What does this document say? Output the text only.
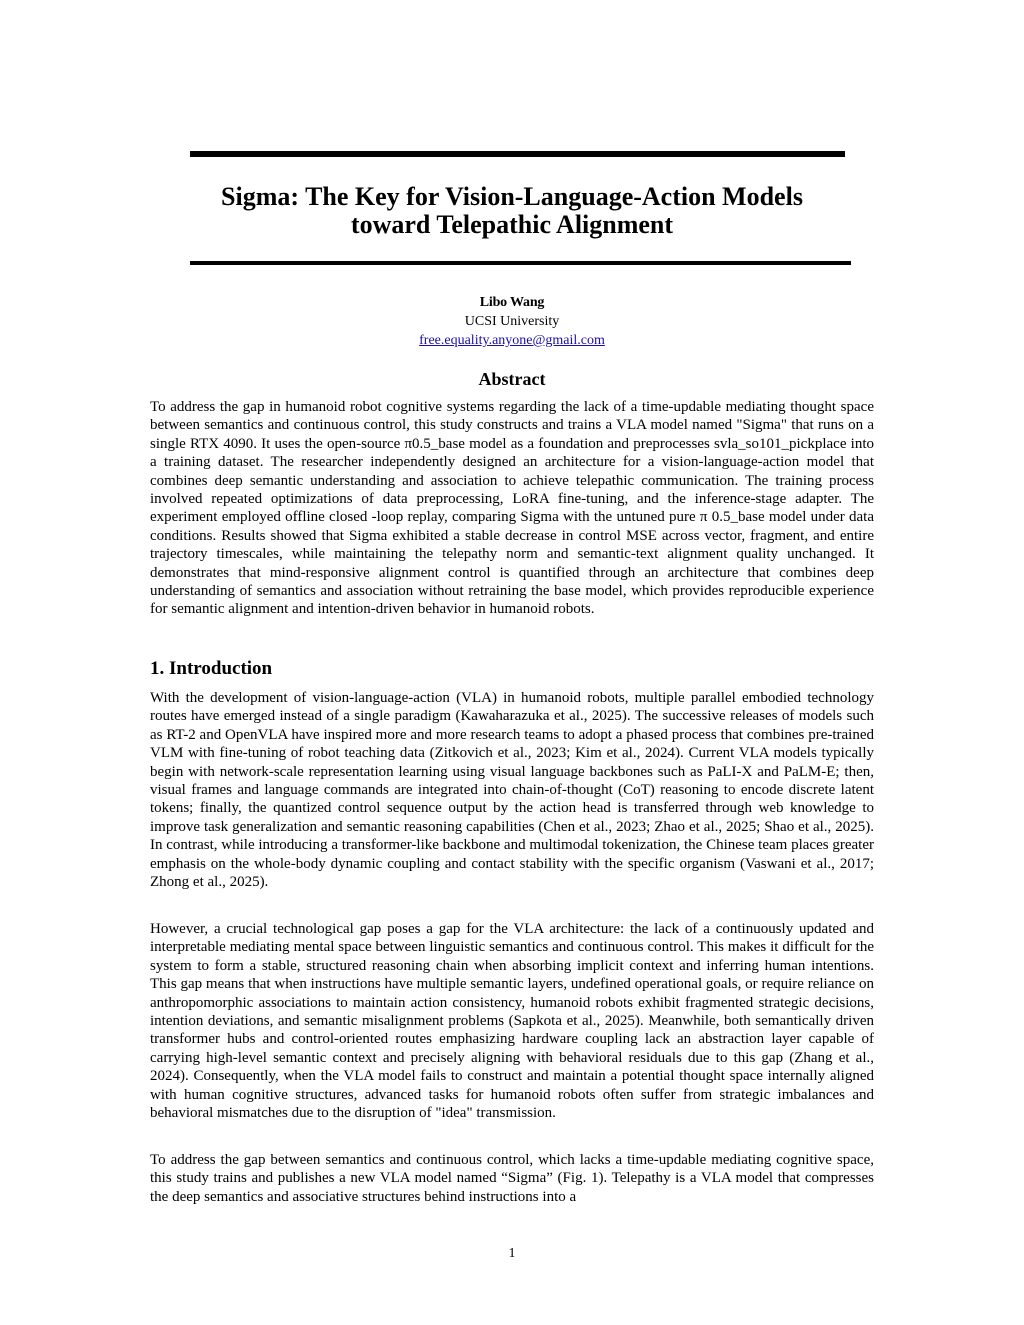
Sigma: The Key for Vision-Language-Action Models
toward Telepathic Alignment
Libo Wang
UCSI University
free.equality.anyone@gmail.com
Abstract

To address the gap in humanoid robot cognitive systems regarding the lack of a time-updable mediating thought space between semantics and continuous control, this study constructs and trains a VLA model named "Sigma" that runs on a single RTX 4090. It uses the open-source π0.5_base model as a foundation and preprocesses svla_so101_pickplace into a training dataset. The researcher independently designed an architecture for a vision-language-action model that combines deep semantic understanding and association to achieve telepathic communication. The training process involved repeated optimizations of data preprocessing, LoRA fine-tuning, and the inference-stage adapter. The experiment employed offline closed -loop replay, comparing Sigma with the untuned pure π 0.5_base model under data conditions. Results showed that Sigma exhibited a stable decrease in control MSE across vector, fragment, and entire trajectory timescales, while maintaining the telepathy norm and semantic-text alignment quality unchanged. It demonstrates that mind-responsive alignment control is quantified through an architecture that combines deep understanding of semantics and association without retraining the base model, which provides reproducible experience for semantic alignment and intention-driven behavior in humanoid robots.

1. Introduction

With the development of vision-language-action (VLA) in humanoid robots, multiple parallel embodied technology routes have emerged instead of a single paradigm (Kawaharazuka et al., 2025). The successive releases of models such as RT-2 and OpenVLA have inspired more and more research teams to adopt a phased process that combines pre-trained VLM with fine-tuning of robot teaching data (Zitkovich et al., 2023; Kim et al., 2024). Current VLA models typically begin with network-scale representation learning using visual language backbones such as PaLI-X and PaLM-E; then, visual frames and language commands are integrated into chain-of-thought (CoT) reasoning to encode discrete latent tokens; finally, the quantized control sequence output by the action head is transferred through web knowledge to improve task generalization and semantic reasoning capabilities (Chen et al., 2023; Zhao et al., 2025; Shao et al., 2025). In contrast, while introducing a transformer-like backbone and multimodal tokenization, the Chinese team places greater emphasis on the whole-body dynamic coupling and contact stability with the specific organism (Vaswani et al., 2017; Zhong et al., 2025).

However, a crucial technological gap poses a gap for the VLA architecture: the lack of a continuously updated and interpretable mediating mental space between linguistic semantics and continuous control. This makes it difficult for the system to form a stable, structured reasoning chain when absorbing implicit context and inferring human intentions. This gap means that when instructions have multiple semantic layers, undefined operational goals, or require reliance on anthropomorphic associations to maintain action consistency, humanoid robots exhibit fragmented strategic decisions, intention deviations, and semantic misalignment problems (Sapkota et al., 2025). Meanwhile, both semantically driven transformer hubs and control-oriented routes emphasizing hardware coupling lack an abstraction layer capable of carrying high-level semantic context and precisely aligning with behavioral residuals due to this gap (Zhang et al., 2024). Consequently, when the VLA model fails to construct and maintain a potential thought space internally aligned with human cognitive structures, advanced tasks for humanoid robots often suffer from strategic imbalances and behavioral mismatches due to the disruption of "idea" transmission.

To address the gap between semantics and continuous control, which lacks a time-updable mediating cognitive space, this study trains and publishes a new VLA model named “Sigma” (Fig. 1). Telepathy is a VLA model that compresses the deep semantics and associative structures behind instructions into a

1
